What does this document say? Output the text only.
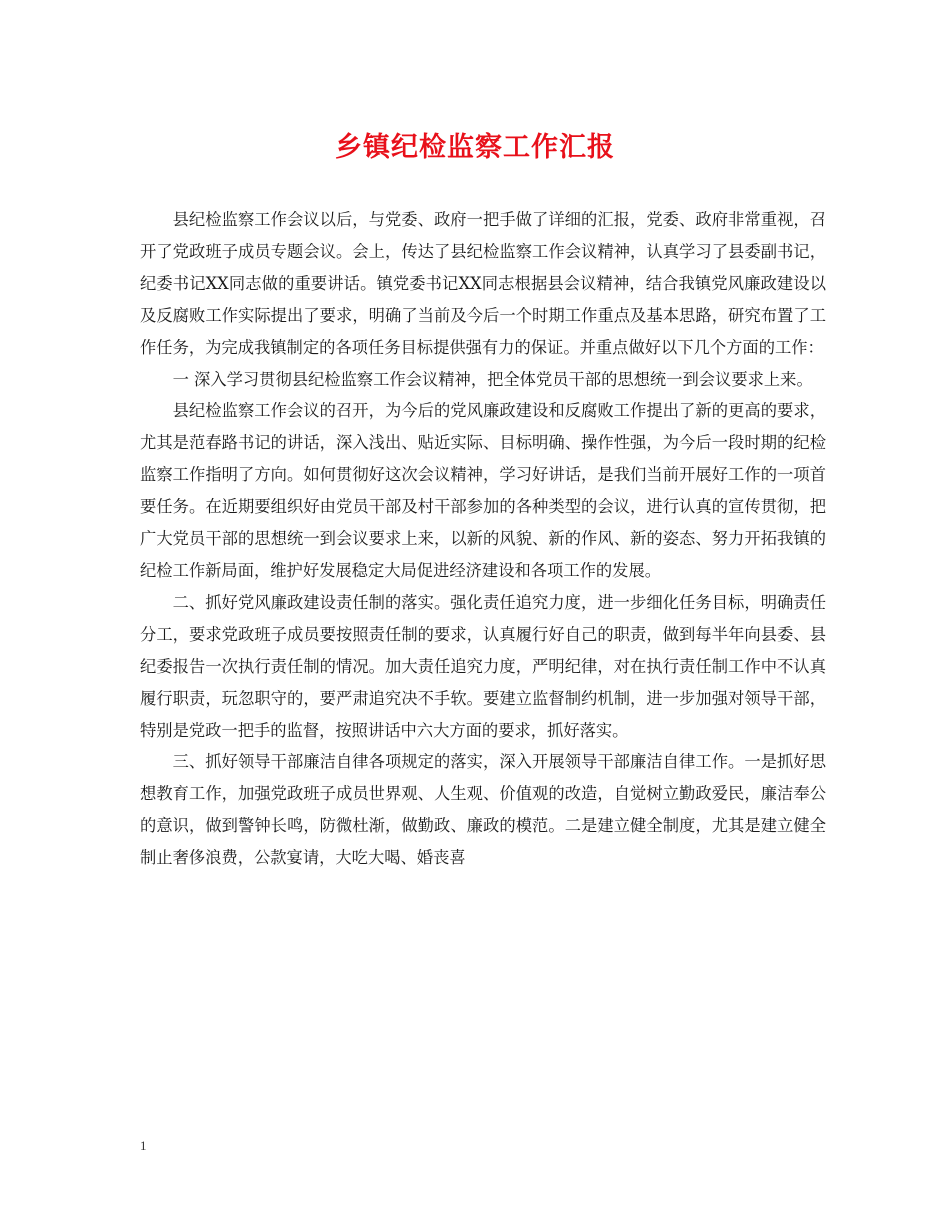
乡镇纪检监察工作汇报

县纪检监察工作会议以后，与党委、政府一把手做了详细的汇报，党委、政府非常重视，召开了党政班子成员专题会议。会上，传达了县纪检监察工作会议精神，认真学习了县委副书记，纪委书记XX同志做的重要讲话。镇党委书记XX同志根据县会议精神，结合我镇党风廉政建设以及反腐败工作实际提出了要求，明确了当前及今后一个时期工作重点及基本思路，研究布置了工作任务，为完成我镇制定的各项任务目标提供强有力的保证。并重点做好以下几个方面的工作：

一 深入学习贯彻县纪检监察工作会议精神，把全体党员干部的思想统一到会议要求上来。

县纪检监察工作会议的召开，为今后的党风廉政建设和反腐败工作提出了新的更高的要求，尤其是范春路书记的讲话，深入浅出、贴近实际、目标明确、操作性强，为今后一段时期的纪检监察工作指明了方向。如何贯彻好这次会议精神，学习好讲话，是我们当前开展好工作的一项首要任务。在近期要组织好由党员干部及村干部参加的各种类型的会议，进行认真的宣传贯彻，把广大党员干部的思想统一到会议要求上来，以新的风貌、新的作风、新的姿态、努力开拓我镇的纪检工作新局面，维护好发展稳定大局促进经济建设和各项工作的发展。

二、抓好党风廉政建设责任制的落实。强化责任追究力度，进一步细化任务目标，明确责任分工，要求党政班子成员要按照责任制的要求，认真履行好自己的职责，做到每半年向县委、县纪委报告一次执行责任制的情况。加大责任追究力度，严明纪律，对在执行责任制工作中不认真履行职责，玩忽职守的，要严肃追究决不手软。要建立监督制约机制，进一步加强对领导干部，特别是党政一把手的监督，按照讲话中六大方面的要求，抓好落实。

三、抓好领导干部廉洁自律各项规定的落实，深入开展领导干部廉洁自律工作。一是抓好思想教育工作，加强党政班子成员世界观、人生观、价值观的改造，自觉树立勤政爱民，廉洁奉公的意识，做到警钟长鸣，防微杜渐，做勤政、廉政的模范。二是建立健全制度，尤其是建立健全制止奢侈浪费，公款宴请，大吃大喝、婚丧喜

1
